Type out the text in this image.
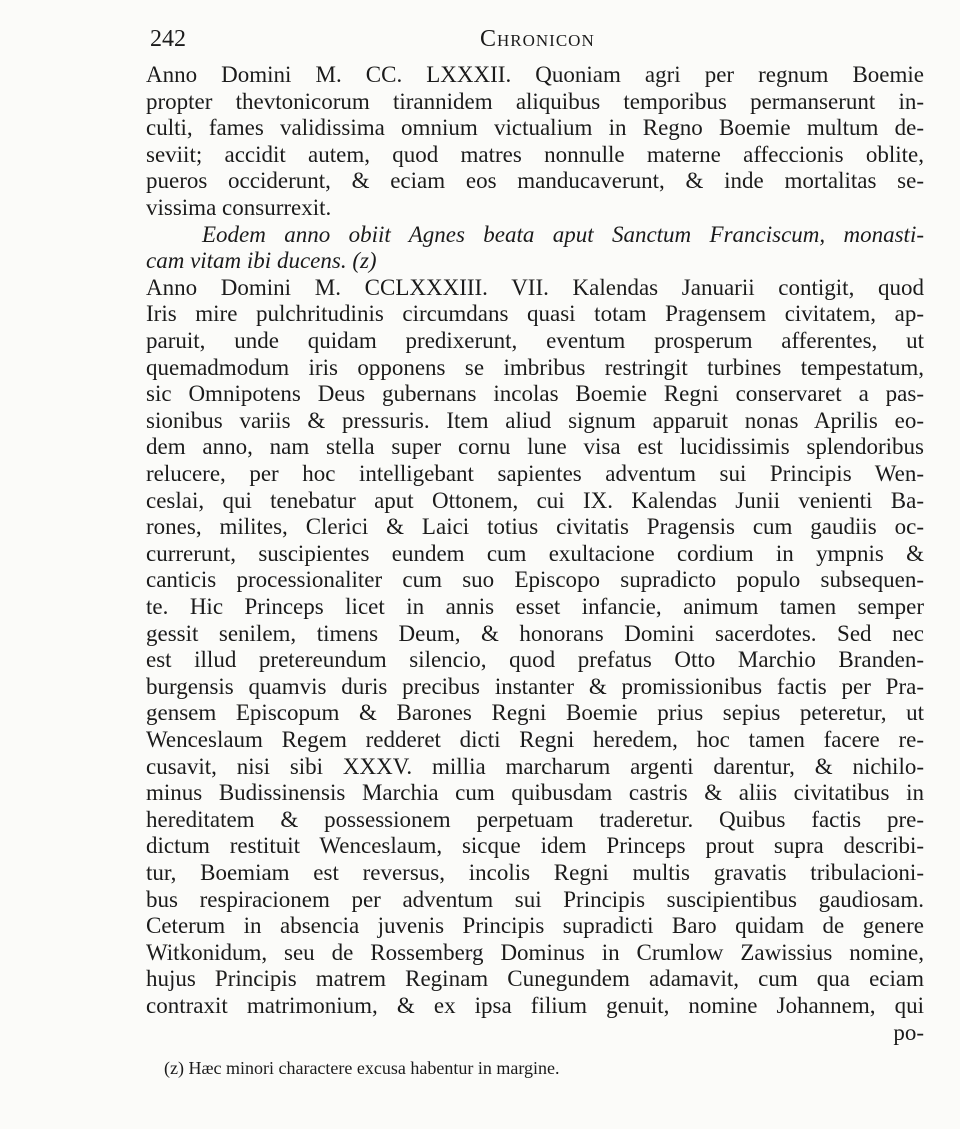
242	Chronicon
Anno Domini M. CC. LXXXII. Quoniam agri per regnum Boemie
propter thevtonicorum tirannidem aliquibus temporibus permanserunt in-
culti, fames validissima omnium victualium in Regno Boemie multum de-
seviit; accidit autem, quod matres nonnulle materne affeccionis oblite,
pueros occiderunt, & eciam eos manducaverunt, & inde mortalitas se-
vissima consurrexit.
Eodem anno obiit Agnes beata aput Sanctum Franciscum, monasti-
cam vitam ibi ducens. (z)
Anno Domini M. CCLXXXIII. VII. Kalendas Januarii contigit, quod
Iris mire pulchritudinis circumdans quasi totam Pragensem civitatem, ap-
paruit, unde quidam predixerunt, eventum prosperum afferentes, ut
quemadmodum iris opponens se imbribus restringit turbines tempestatum,
sic Omnipotens Deus gubernans incolas Boemie Regni conservaret a pas-
sionibus variis & pressuris. Item aliud signum apparuit nonas Aprilis eo-
dem anno, nam stella super cornu lune visa est lucidissimis splendoribus
relucere, per hoc intelligebant sapientes adventum sui Principis Wen-
ceslai, qui tenebatur aput Ottonem, cui IX. Kalendas Junii venienti Ba-
rones, milites, Clerici & Laici totius civitatis Pragensis cum gaudiis oc-
currerunt, suscipientes eundem cum exultacione cordium in ympnis &
canticis processionaliter cum suo Episcopo supradicto populo subsequen-
te. Hic Princeps licet in annis esset infancie, animum tamen semper
gessit senilem, timens Deum, & honorans Domini sacerdotes. Sed nec
est illud pretereundum silencio, quod prefatus Otto Marchio Branden-
burgensis quamvis duris precibus instanter & promissionibus factis per Pra-
gensem Episcopum & Barones Regni Boemie prius sepius peteretur, ut
Wenceslaum Regem redderet dicti Regni heredem, hoc tamen facere re-
cusavit, nisi sibi XXXV. millia marcharum argenti darentur, & nichilo-
minus Budissinensis Marchia cum quibusdam castris & aliis civitatibus in
hereditatem & possessionem perpetuam traderetur. Quibus factis pre-
dictum restituit Wenceslaum, sicque idem Princeps prout supra describi-
tur, Boemiam est reversus, incolis Regni multis gravatis tribulacioni-
bus respiracionem per adventum sui Principis suscipientibus gaudiosam.
Ceterum in absencia juvenis Principis supradicti Baro quidam de genere
Witkonidum, seu de Rossemberg Dominus in Crumlow Zawissius nomine,
hujus Principis matrem Reginam Cunegundem adamavit, cum qua eciam
contraxit matrimonium, & ex ipsa filium genuit, nomine Johannem, qui
po-
(z) Hæc minori charactere excusa habentur in margine.
